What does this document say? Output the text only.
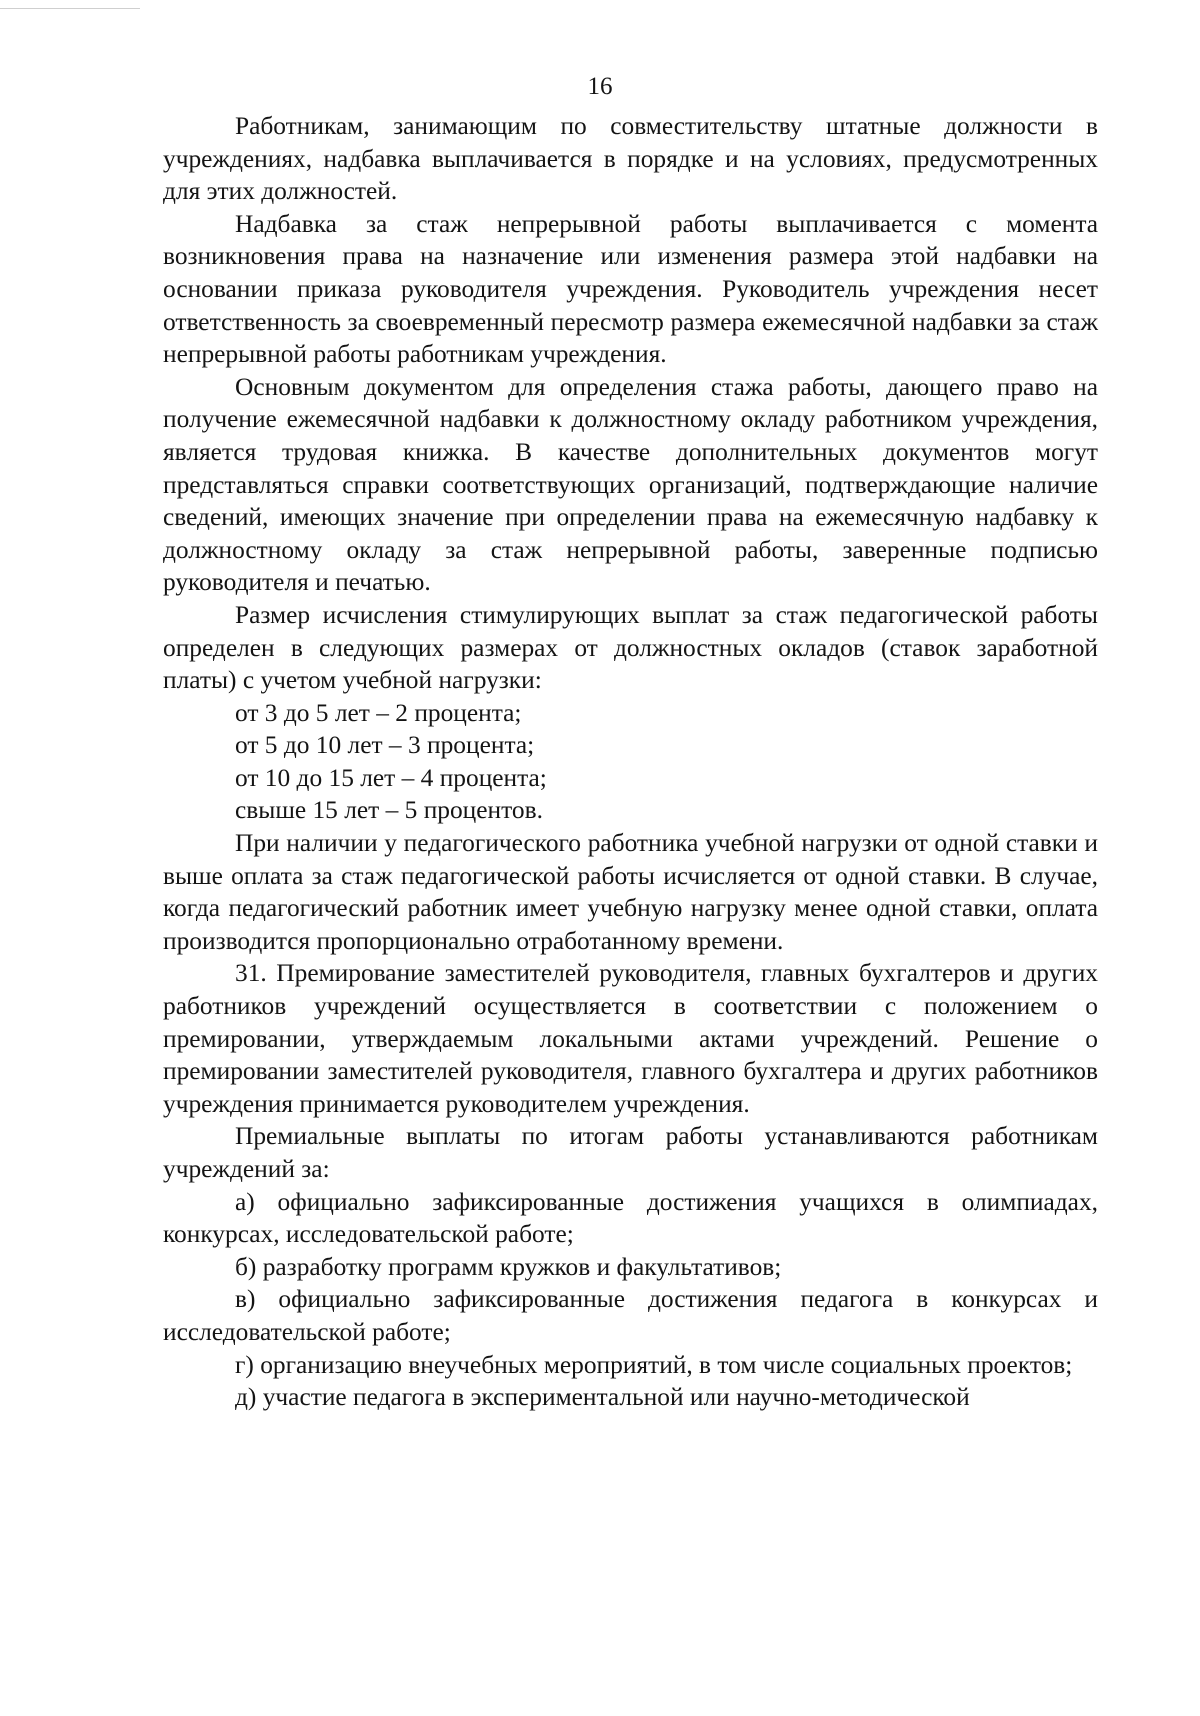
16

Работникам, занимающим по совместительству штатные должности в учреждениях, надбавка выплачивается в порядке и на условиях, предусмотренных для этих должностей.

Надбавка за стаж непрерывной работы выплачивается с момента возникновения права на назначение или изменения размера этой надбавки на основании приказа руководителя учреждения. Руководитель учреждения несет ответственность за своевременный пересмотр размера ежемесячной надбавки за стаж непрерывной работы работникам учреждения.

Основным документом для определения стажа работы, дающего право на получение ежемесячной надбавки к должностному окладу работником учреждения, является трудовая книжка. В качестве дополнительных документов могут представляться справки соответствующих организаций, подтверждающие наличие сведений, имеющих значение при определении права на ежемесячную надбавку к должностному окладу за стаж непрерывной работы, заверенные подписью руководителя и печатью.

Размер исчисления стимулирующих выплат за стаж педагогической работы определен в следующих размерах от должностных окладов (ставок заработной платы) с учетом учебной нагрузки:

от 3 до 5 лет – 2 процента;

от 5 до 10 лет – 3 процента;

от 10 до 15 лет – 4 процента;

свыше 15 лет – 5 процентов.

При наличии у педагогического работника учебной нагрузки от одной ставки и выше оплата за стаж педагогической работы исчисляется от одной ставки. В случае, когда педагогический работник имеет учебную нагрузку менее одной ставки, оплата производится пропорционально отработанному времени.

31. Премирование заместителей руководителя, главных бухгалтеров и других работников учреждений осуществляется в соответствии с положением о премировании, утверждаемым локальными актами учреждений. Решение о премировании заместителей руководителя, главного бухгалтера и других работников учреждения принимается руководителем учреждения.

Премиальные выплаты по итогам работы устанавливаются работникам учреждений за:

а) официально зафиксированные достижения учащихся в олимпиадах, конкурсах, исследовательской работе;

б) разработку программ кружков и факультативов;

в) официально зафиксированные достижения педагога в конкурсах и исследовательской работе;

г) организацию внеучебных мероприятий, в том числе социальных проектов;

д) участие педагога в экспериментальной или научно-методической
